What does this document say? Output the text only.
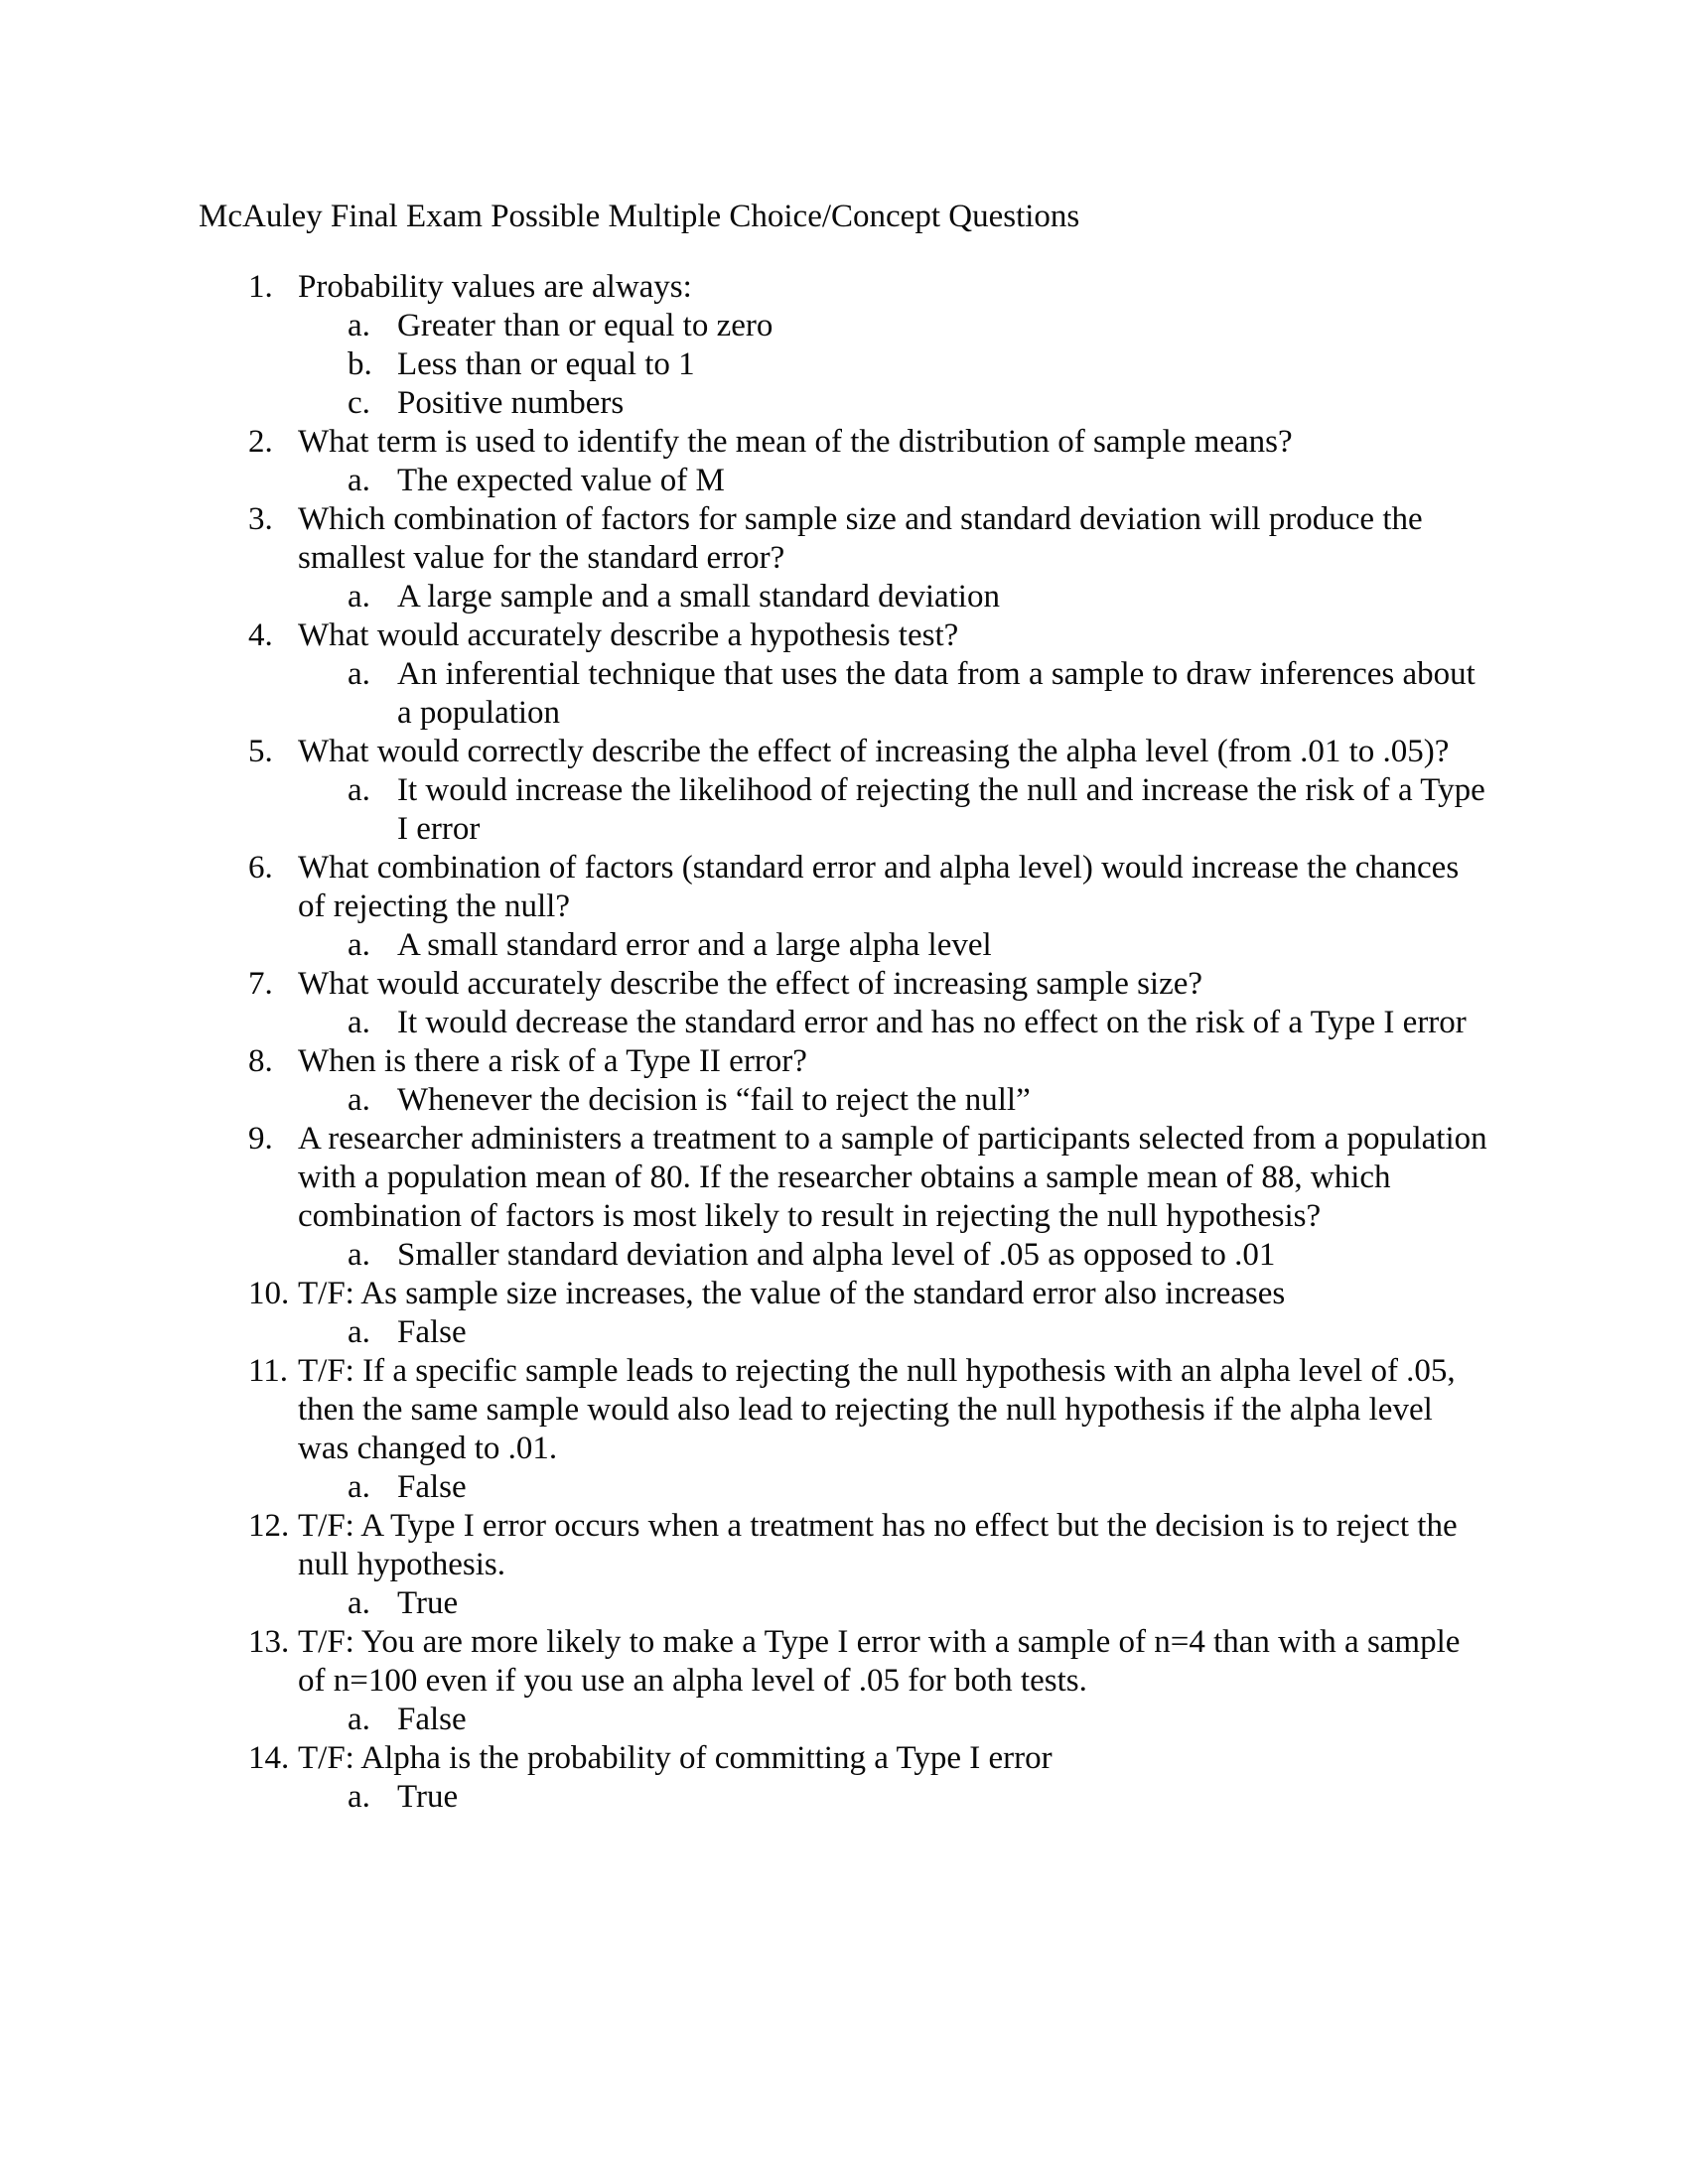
McAuley Final Exam Possible Multiple Choice/Concept Questions
1. Probability values are always:
a. Greater than or equal to zero
b. Less than or equal to 1
c. Positive numbers
2. What term is used to identify the mean of the distribution of sample means?
a. The expected value of M
3. Which combination of factors for sample size and standard deviation will produce the smallest value for the standard error?
a. A large sample and a small standard deviation
4. What would accurately describe a hypothesis test?
a. An inferential technique that uses the data from a sample to draw inferences about a population
5. What would correctly describe the effect of increasing the alpha level (from .01 to .05)?
a. It would increase the likelihood of rejecting the null and increase the risk of a Type I error
6. What combination of factors (standard error and alpha level) would increase the chances of rejecting the null?
a. A small standard error and a large alpha level
7. What would accurately describe the effect of increasing sample size?
a. It would decrease the standard error and has no effect on the risk of a Type I error
8. When is there a risk of a Type II error?
a. Whenever the decision is “fail to reject the null”
9. A researcher administers a treatment to a sample of participants selected from a population with a population mean of 80. If the researcher obtains a sample mean of 88, which combination of factors is most likely to result in rejecting the null hypothesis?
a. Smaller standard deviation and alpha level of .05 as opposed to .01
10. T/F: As sample size increases, the value of the standard error also increases
a. False
11. T/F: If a specific sample leads to rejecting the null hypothesis with an alpha level of .05, then the same sample would also lead to rejecting the null hypothesis if the alpha level was changed to .01.
a. False
12. T/F: A Type I error occurs when a treatment has no effect but the decision is to reject the null hypothesis.
a. True
13. T/F: You are more likely to make a Type I error with a sample of n=4 than with a sample of n=100 even if you use an alpha level of .05 for both tests.
a. False
14. T/F: Alpha is the probability of committing a Type I error
a. True
